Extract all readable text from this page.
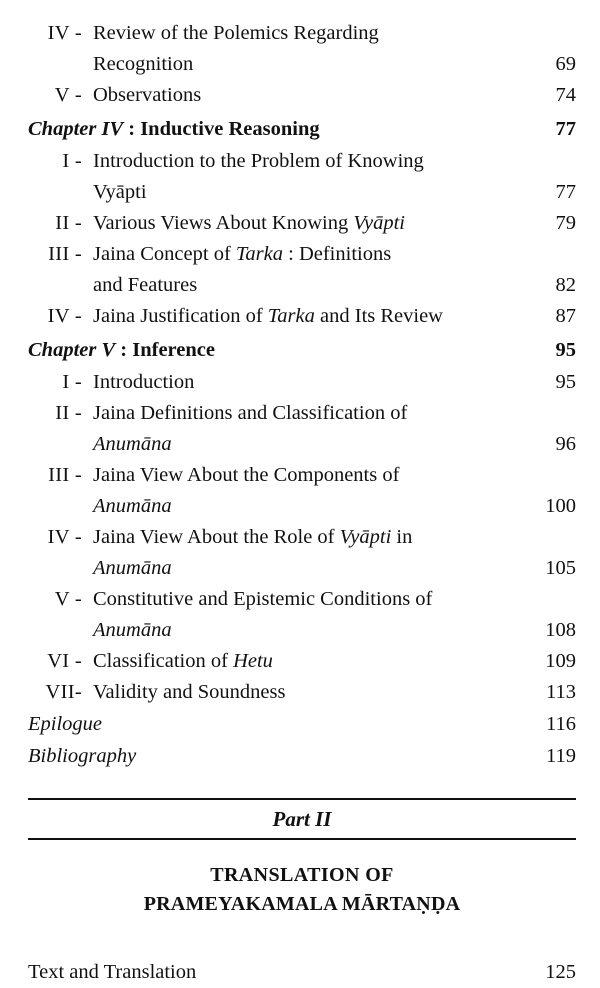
IV - Review of the Polemics Regarding
Recognition	69
V - Observations	74
Chapter IV : Inductive Reasoning	77
I - Introduction to the Problem of Knowing
Vyāpti	77
II - Various Views About Knowing Vyāpti	79
III - Jaina Concept of Tarka : Definitions
and Features	82
IV - Jaina Justification of Tarka and Its Review	87
Chapter V : Inference	95
I - Introduction	95
II - Jaina Definitions and Classification of
Anumāna	96
III - Jaina View About the Components of
Anumāna	100
IV - Jaina View About the Role of Vyāpti in
Anumāna	105
V - Constitutive and Epistemic Conditions of
Anumāna	108
VI - Classification of Hetu	109
VII- Validity and Soundness	113
Epilogue	116
Bibliography	119
Part II
TRANSLATION OF
PRAMEYAKAMALA MĀRTAṆḌA
Text and Translation	125
